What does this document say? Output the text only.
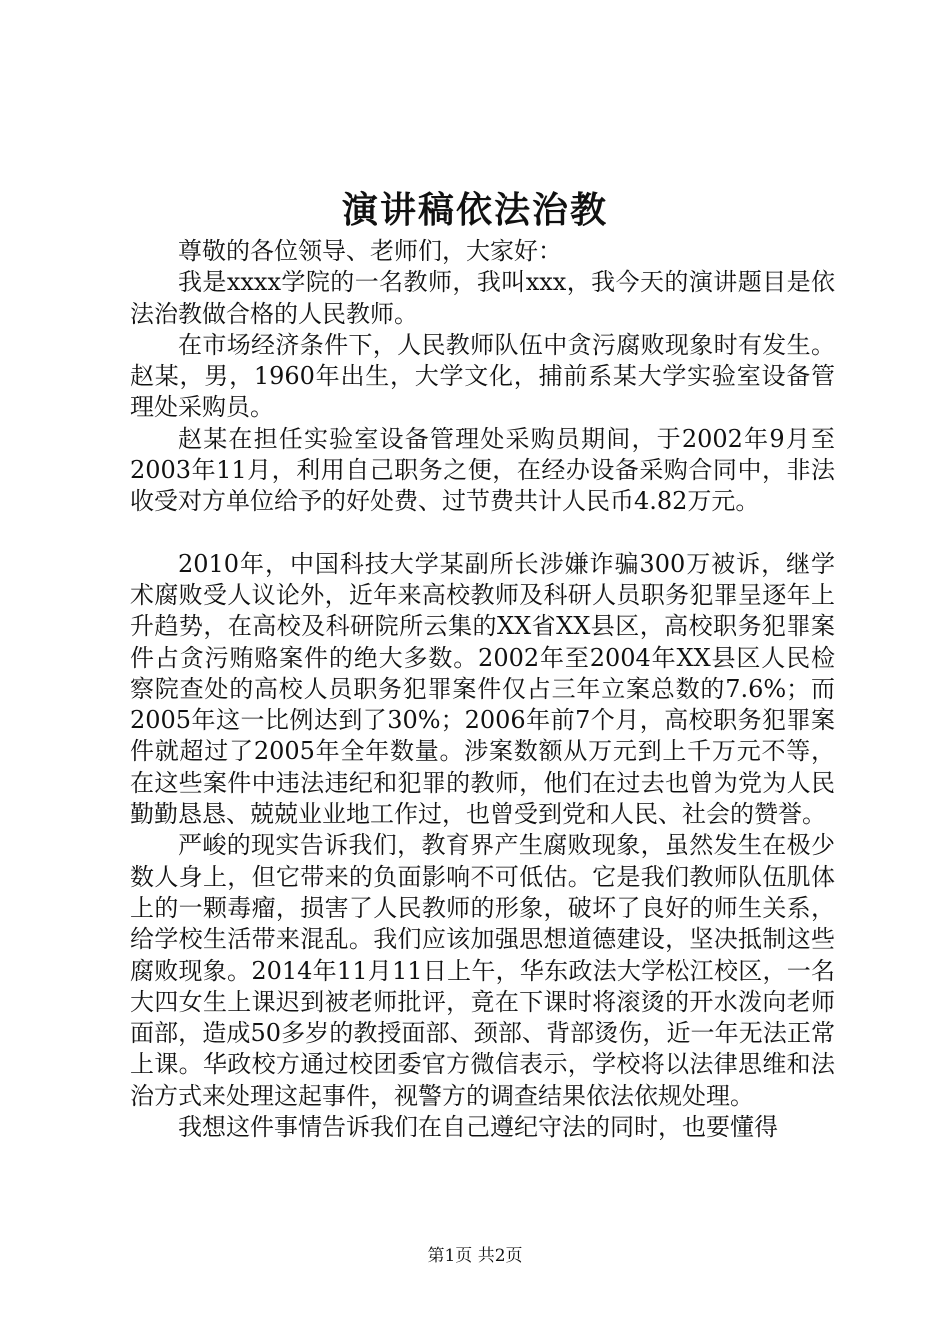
演讲稿依法治教

尊敬的各位领导、老师们，大家好：

我是xxxx学院的一名教师，我叫xxx，我今天的演讲题目是依法治教做合格的人民教师。

在市场经济条件下，人民教师队伍中贪污腐败现象时有发生。赵某，男，1960年出生，大学文化，捕前系某大学实验室设备管理处采购员。

赵某在担任实验室设备管理处采购员期间，于2002年9月至2003年11月，利用自己职务之便，在经办设备采购合同中，非法收受对方单位给予的好处费、过节费共计人民币4.82万元。

2010年，中国科技大学某副所长涉嫌诈骗300万被诉，继学术腐败受人议论外，近年来高校教师及科研人员职务犯罪呈逐年上升趋势，在高校及科研院所云集的XX省XX县区，高校职务犯罪案件占贪污贿赂案件的绝大多数。2002年至2004年XX县区人民检察院查处的高校人员职务犯罪案件仅占三年立案总数的7.6%；而2005年这一比例达到了30%；2006年前7个月，高校职务犯罪案件就超过了2005年全年数量。涉案数额从万元到上千万元不等，在这些案件中违法违纪和犯罪的教师，他们在过去也曾为党为人民勤勤恳恳、兢兢业业地工作过，也曾受到党和人民、社会的赞誉。

严峻的现实告诉我们，教育界产生腐败现象，虽然发生在极少数人身上，但它带来的负面影响不可低估。它是我们教师队伍肌体上的一颗毒瘤，损害了人民教师的形象，破坏了良好的师生关系，给学校生活带来混乱。我们应该加强思想道德建设，坚决抵制这些腐败现象。2014年11月11日上午，华东政法大学松江校区，一名大四女生上课迟到被老师批评，竟在下课时将滚烫的开水泼向老师面部，造成50多岁的教授面部、颈部、背部烫伤，近一年无法正常上课。华政校方通过校团委官方微信表示，学校将以法律思维和法治方式来处理这起事件，视警方的调查结果依法依规处理。

我想这件事情告诉我们在自己遵纪守法的同时，也要懂得

第1页 共2页
